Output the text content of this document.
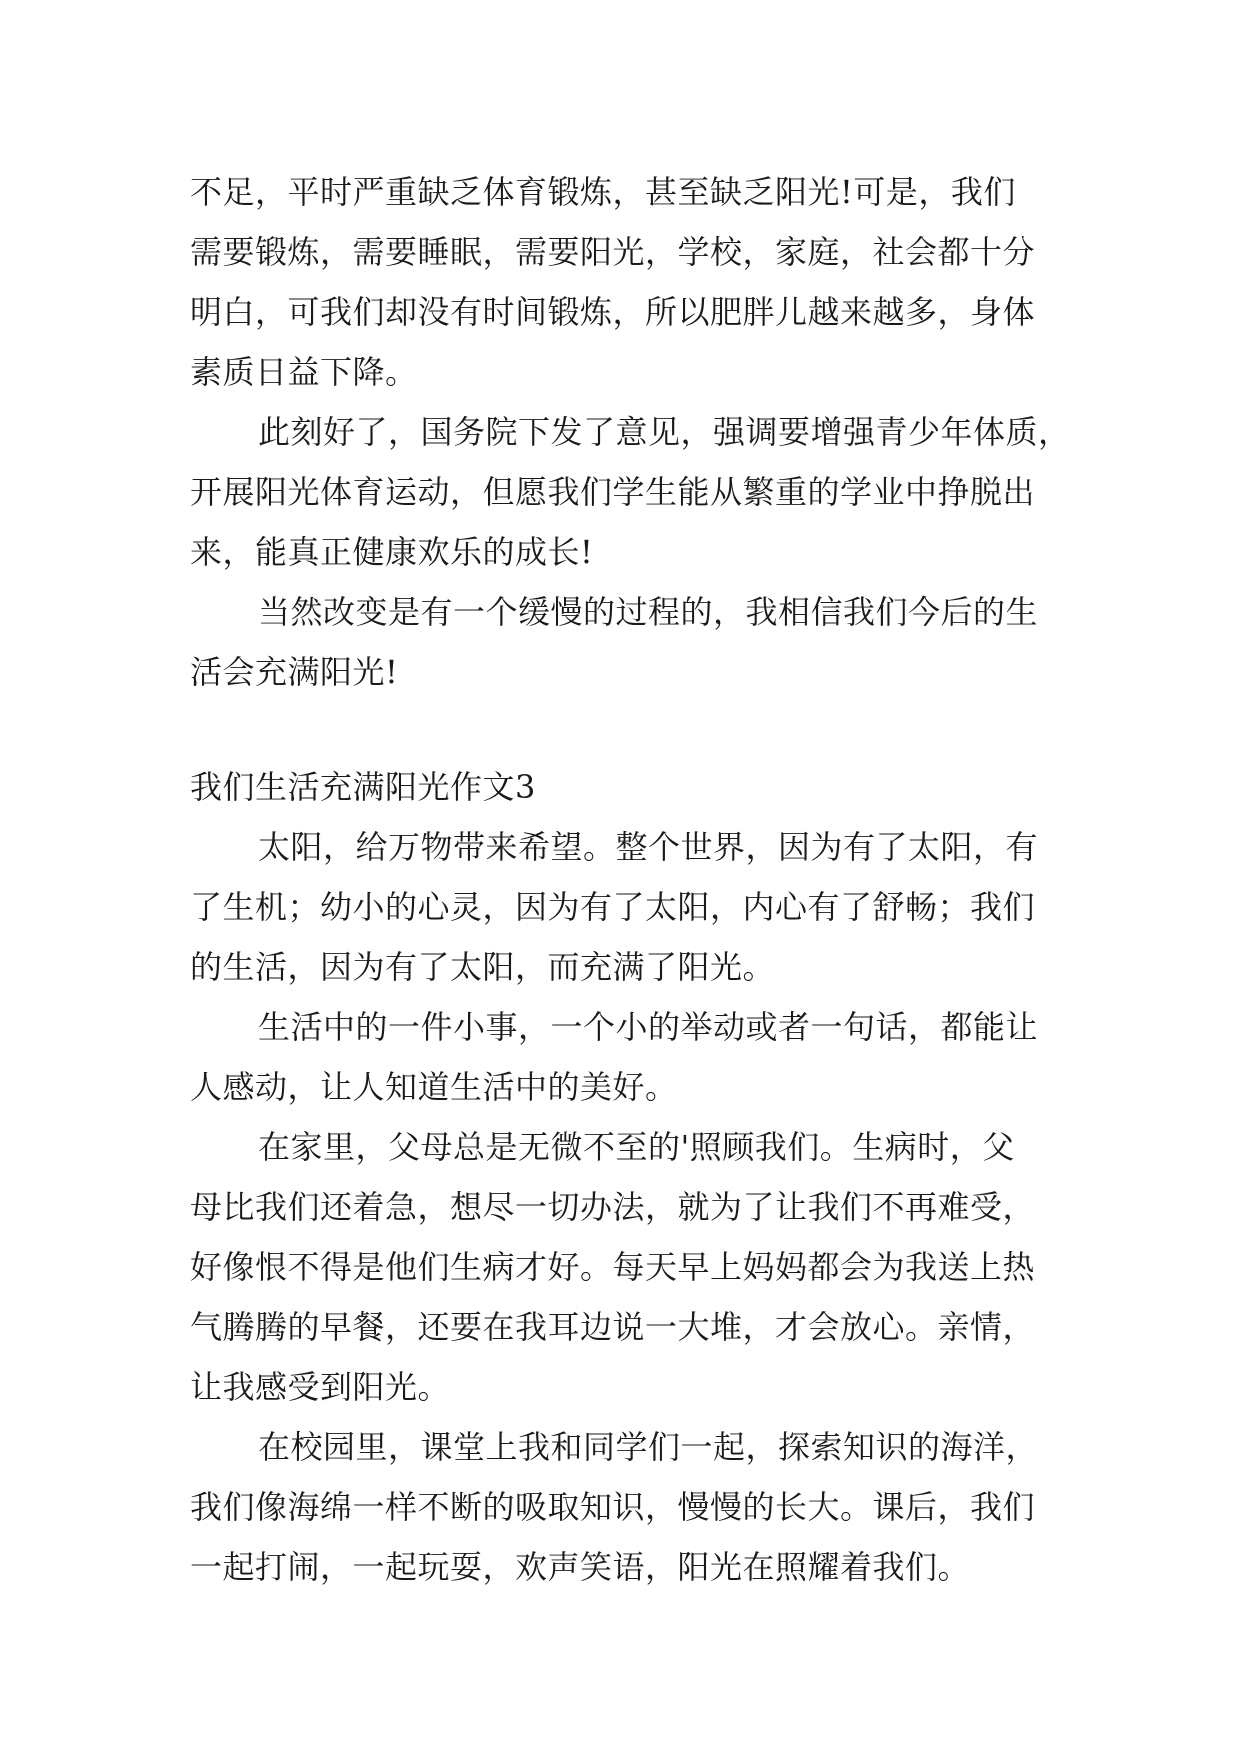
不足，平时严重缺乏体育锻炼，甚至缺乏阳光!可是，我们
需要锻炼，需要睡眠，需要阳光，学校，家庭，社会都十分
明白，可我们却没有时间锻炼，所以肥胖儿越来越多，身体
素质日益下降。
此刻好了，国务院下发了意见，强调要增强青少年体质，
开展阳光体育运动，但愿我们学生能从繁重的学业中挣脱出
来，能真正健康欢乐的成长!
当然改变是有一个缓慢的过程的，我相信我们今后的生
活会充满阳光!
我们生活充满阳光作文3
太阳，给万物带来希望。整个世界，因为有了太阳，有
了生机；幼小的心灵，因为有了太阳，内心有了舒畅；我们
的生活，因为有了太阳，而充满了阳光。
生活中的一件小事，一个小的举动或者一句话，都能让
人感动，让人知道生活中的美好。
在家里，父母总是无微不至的'照顾我们。生病时，父
母比我们还着急，想尽一切办法，就为了让我们不再难受，
好像恨不得是他们生病才好。每天早上妈妈都会为我送上热
气腾腾的早餐，还要在我耳边说一大堆，才会放心。亲情，
让我感受到阳光。
在校园里，课堂上我和同学们一起，探索知识的海洋，
我们像海绵一样不断的吸取知识，慢慢的长大。课后，我们
一起打闹，一起玩耍，欢声笑语，阳光在照耀着我们。
